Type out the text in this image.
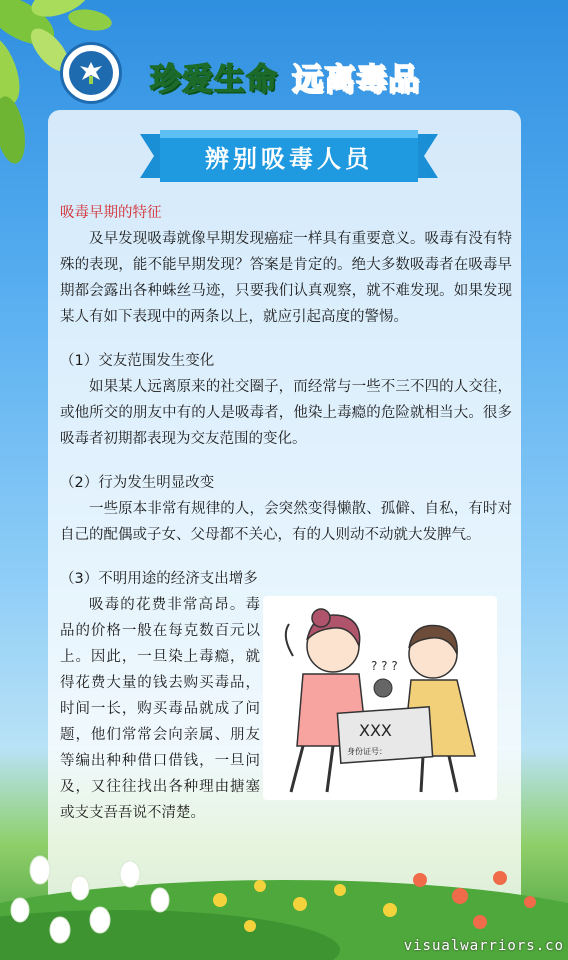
珍爱生命 远离毒品
辨别吸毒人员

吸毒早期的特征

及早发现吸毒就像早期发现癌症一样具有重要意义。吸毒有没有特殊的表现，能不能早期发现？答案是肯定的。绝大多数吸毒者在吸毒早期都会露出各种蛛丝马迹，只要我们认真观察，就不难发现。如果发现某人有如下表现中的两条以上，就应引起高度的警惕。

（1）交友范围发生变化

如果某人远离原来的社交圈子，而经常与一些不三不四的人交往，或他所交的朋友中有的人是吸毒者，他染上毒瘾的危险就相当大。很多吸毒者初期都表现为交友范围的变化。

（2）行为发生明显改变

一些原本非常有规律的人，会突然变得懒散、孤僻、自私，有时对自己的配偶或子女、父母都不关心，有的人则动不动就大发脾气。

（3）不明用途的经济支出增多

吸毒的花费非常高昂。毒品的价格一般在每克数百元以上。因此，一旦染上毒瘾，就得花费大量的钱去购买毒品，时间一长，购买毒品就成了问题，他们常常会向亲属、朋友等编出种种借口借钱，一旦问及，又往往找出各种理由搪塞或支支吾吾说不清楚。

? ? ?
XXX
身份证号：
visualwarriors.co
